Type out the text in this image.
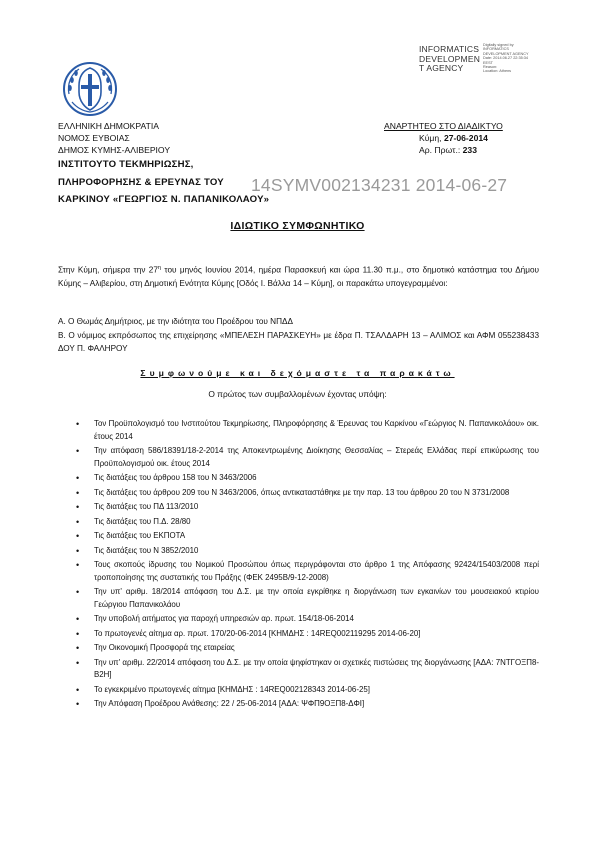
INFORMATICS
DEVELOPMEN
T AGENCY
Digitally signed by
INFORMATICS
DEVELOPMENT AGENCY
Date: 2014.06.27 22:35:34
EEST
Reason:
Location: Athens
ΕΛΛΗΝΙΚΗ ΔΗΜΟΚΡΑΤΙΑ
ΝΟΜΟΣ ΕΥΒΟΙΑΣ
ΔΗΜΟΣ ΚΥΜΗΣ-ΑΛΙΒΕΡΙΟΥ
ΙΝΣΤΙΤΟΥΤΟ ΤΕΚΜΗΡΙΩΣΗΣ,
ΠΛΗΡΟΦΟΡΗΣΗΣ & ΕΡΕΥΝΑΣ ΤΟΥ
ΚΑΡΚΙΝΟΥ «ΓΕΩΡΓΙΟΣ Ν. ΠΑΠΑΝΙΚΟΛΑΟΥ»
ΑΝΑΡΤΗΤΕΟ ΣΤΟ ΔΙΑΔΙΚΤΥΟ
Κύμη, 27-06-2014
Αρ. Πρωτ.: 233
14SYMV002134231 2014-06-27
ΙΔΙΩΤΙΚΟ ΣΥΜΦΩΝΗΤΙΚΟ
Στην Κύμη, σήμερα την $27^\eta$ του μηνός Ιουνίου 2014, ημέρα Παρασκευή και ώρα 11.30 π.μ., στο δημοτικό κατάστημα του Δήμου Κύμης – Αλιβερίου, στη Δημοτική Ενότητα Κύμης [Οδός Ι. Βάλλα 14 – Κύμη], οι παρακάτω υπογεγραμμένοι:
Α. Ο Θωμάς Δημήτριος, με την ιδιότητα του Προέδρου του ΝΠΔΔ
Β. Ο νόμιμος εκπρόσωπος της επιχείρησης «ΜΠΕΛΕΣΗ ΠΑΡΑΣΚΕΥΗ» με έδρα Π. ΤΣΑΛΔΑΡΗ 13 – ΑΛΙΜΟΣ και ΑΦΜ 055238433 ΔΟΥ Π. ΦΑΛΗΡΟΥ
Συμφωνούμε και δεχόμαστε τα παρακάτω
Ο πρώτος των συμβαλλομένων έχοντας υπόψη:
• Τον Προϋπολογισμό του Ινστιτούτου Τεκμηρίωσης, Πληροφόρησης & Έρευνας του Καρκίνου «Γεώργιος Ν. Παπανικολάου» οικ. έτους 2014
• Την απόφαση 586/18391/18-2-2014 της Αποκεντρωμένης Διοίκησης Θεσσαλίας – Στερεάς Ελλάδας περί επικύρωσης του Προϋπολογισμού οικ. έτους 2014
• Τις διατάξεις του άρθρου 158 του Ν 3463/2006
• Τις διατάξεις του άρθρου 209 του Ν 3463/2006, όπως αντικαταστάθηκε με την παρ. 13 του άρθρου 20 του Ν 3731/2008
• Τις διατάξεις του ΠΔ 113/2010
• Τις διατάξεις του Π.Δ. 28/80
• Τις διατάξεις του ΕΚΠΟΤΑ
• Τις διατάξεις του Ν 3852/2010
• Τους σκοπούς ίδρυσης του Νομικού Προσώπου όπως περιγράφονται στο άρθρο 1 της Απόφασης 92424/15403/2008 περί τροποποίησης της συστατικής του Πράξης (ΦΕΚ 2495Β/9-12-2008)
• Την υπ' αριθμ. 18/2014 απόφαση του Δ.Σ. με την οποία εγκρίθηκε η διοργάνωση των εγκαινίων του μουσειακού κτιρίου Γεώργιου Παπανικολάου
• Την υποβολή αιτήματος για παροχή υπηρεσιών αρ. πρωτ. 154/18-06-2014
• Το πρωτογενές αίτημα αρ. πρωτ. 170/20-06-2014 [ΚΗΜΔΗΣ : 14REQ002119295 2014-06-20]
• Την Οικονομική Προσφορά της εταιρείας
• Την υπ' αριθμ. 22/2014 απόφαση του Δ.Σ. με την οποία ψηφίστηκαν οι σχετικές πιστώσεις της διοργάνωσης [ΑΔΑ: 7ΝΤΓΟΞΠ8-Β2Η]
• Το εγκεκριμένο πρωτογενές αίτημα [ΚΗΜΔΗΣ : 14REQ002128343 2014-06-25]
• Την Απόφαση Προέδρου Ανάθεσης: 22 / 25-06-2014 [ΑΔΑ: ΨΦΠ9ΟΞΠ8-ΔΦΙ]
